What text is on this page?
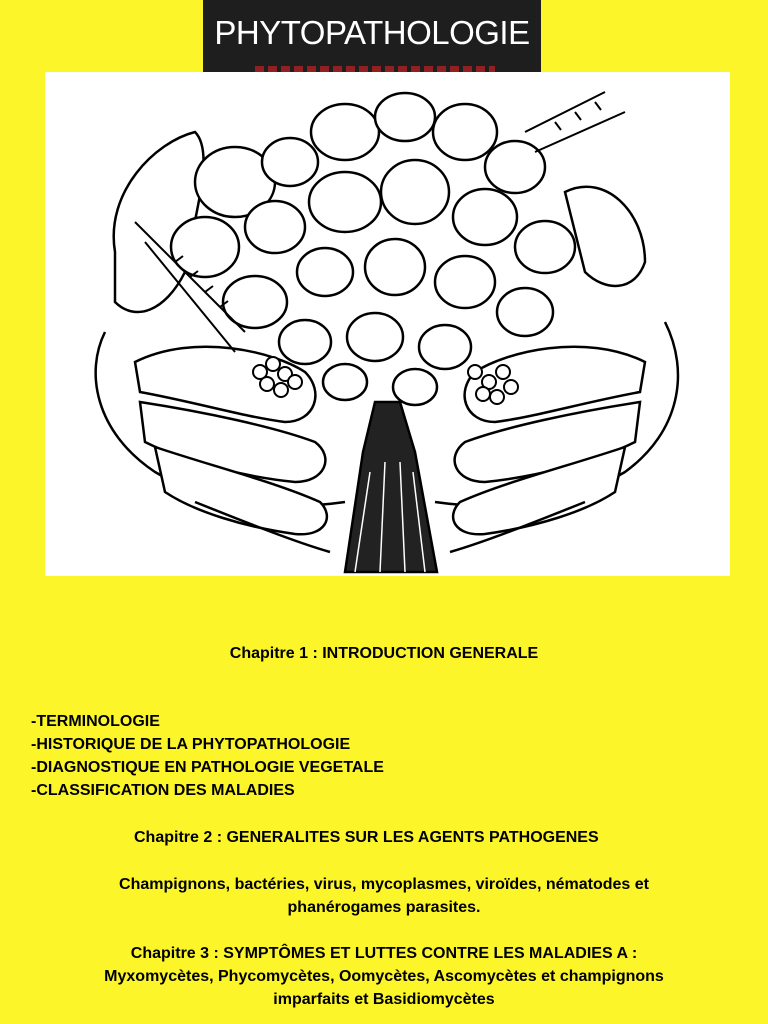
PHYTOPATHOLOGIE
Chapitre 1 : INTRODUCTION GENERALE
-TERMINOLOGIE
-HISTORIQUE DE LA PHYTOPATHOLOGIE
-DIAGNOSTIQUE EN PATHOLOGIE VEGETALE
-CLASSIFICATION DES MALADIES
Chapitre 2 : GENERALITES SUR LES AGENTS PATHOGENES
Champignons, bactéries, virus, mycoplasmes, viroïdes, nématodes et
phanérogames parasites.
Chapitre 3 : SYMPTÔMES ET LUTTES CONTRE LES MALADIES A :
Myxomycètes, Phycomycètes, Oomycètes, Ascomycètes et champignons
imparfaits et Basidiomycètes
